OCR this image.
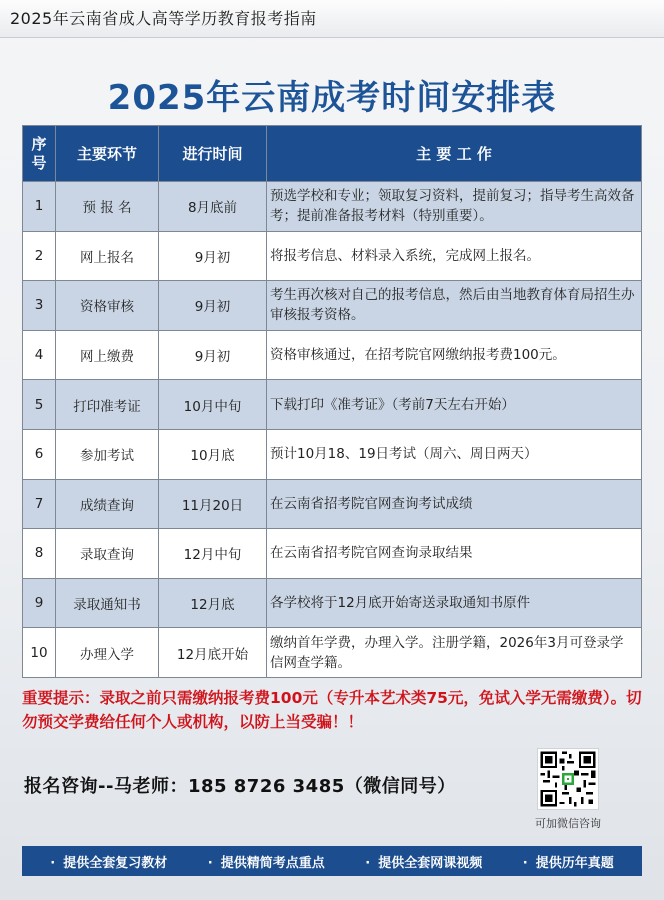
2025年云南省成人高等学历教育报考指南
2025年云南成考时间安排表
序
号	主要环节	进行时间	主 要 工 作
1	预 报 名	8月底前	预选学校和专业；领取复习资料，提前复习；指导考生高效备考；提前准备报考材料（特别重要）。
2	网上报名	9月初	将报考信息、材料录入系统，完成网上报名。
3	资格审核	9月初	考生再次核对自己的报考信息，然后由当地教育体育局招生办审核报考资格。
4	网上缴费	9月初	资格审核通过，在招考院官网缴纳报考费100元。
5	打印准考证	10月中旬	下载打印《准考证》（考前7天左右开始）
6	参加考试	10月底	预计10月18、19日考试（周六、周日两天）
7	成绩查询	11月20日	在云南省招考院官网查询考试成绩
8	录取查询	12月中旬	在云南省招考院官网查询录取结果
9	录取通知书	12月底	各学校将于12月底开始寄送录取通知书原件
10	办理入学	12月底开始	缴纳首年学费，办理入学。注册学籍，2026年3月可登录学信网查学籍。
重要提示：录取之前只需缴纳报考费100元（专升本艺术类75元，免试入学无需缴费）。切勿预交学费给任何个人或机构，以防上当受骗！！
报名咨询--马老师：185 8726 3485（微信同号）
可加微信咨询
· 提供全套复习教材	· 提供精简考点重点	· 提供全套网课视频	· 提供历年真题
